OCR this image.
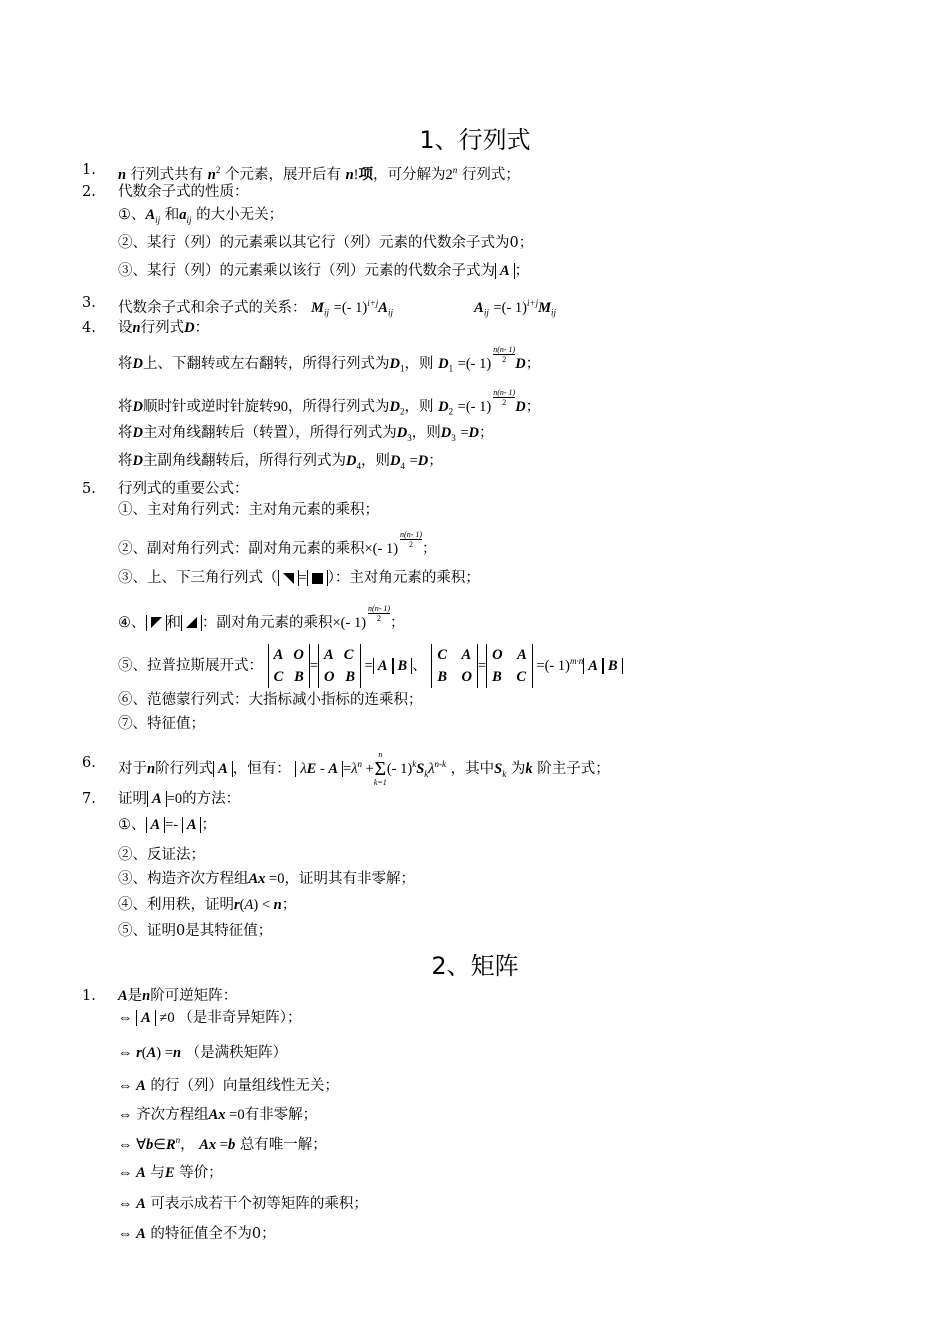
1、行列式
1. n 行列式共有 $n^2$ 个元素，展开后有 n!项，可分解为2$^n$ 行列式；
2. 代数余子式的性质：
①、$A_{ij}$ 和$a_{ij}$ 的大小无关；
②、某行（列）的元素乘以其它行（列）元素的代数余子式为0；
③、某行（列）的元素乘以该行（列）元素的代数余子式为 A ；
3. 代数余子式和余子式的关系： $M_{ij}$ =(- $1)^{i+j}A_{ij}$	$A_{ij}$ =(- $1)^{i+j}M_{ij}$
4. 设n行列式D：
将D上、下翻转或左右翻转，所得行列式为$D_1$，则 $D_1$ =(- $1) \frac{n(n- 1)}{2}$ D；
将D顺时针或逆时针旋转90，所得行列式为$D_2$，则 $D_2$ =(- $1) \frac{n(n- 1)}{2}$ D；
将D主对角线翻转后（转置），所得行列式为$D_3$，则$D_3 =D$；
将D主副角线翻转后，所得行列式为$D_4$，则$D_4 =D$；
5. 行列式的重要公式：
①、主对角行列式：主对角元素的乘积；
②、副对角行列式：副对角元素的乘积×(- $1) \frac{n(n- 1)}{2}$ ；
③、上、下三角行列式（ = ）：主对角元素的乘积；
④、 和 ：副对角元素的乘积×(- $1) \frac{n(n- 1)}{2}$ ；
⑤、拉普拉斯展开式：
A   O
C   B
=
A   C
O   B
= A B 、
C    A
B    O
=
O    A
B    C
=(- 1)$^{m\cdot n}$ A B
⑥、范德蒙行列式：大指标减小指标的连乘积；
⑦、特征值；
6. 对于n阶行列式 A ，恒有： $\lambda E - A =\lambda^n$ +
n
Σ
k=1
(- $1)^kS_k\lambda^{n-k}$ ，其中$S_k$ 为k 阶主子式；
7. 证明 A =0的方法：
①、 A =- A ；
②、反证法；
③、构造齐次方程组Ax =0，证明其有非零解；
④、利用秩，证明r(A) < n；
⑤、证明0是其特征值；
2、矩阵
1. A是n阶可逆矩阵：
⇔ A ≠0 （是非奇异矩阵）；
⇔ r(A) =n （是满秩矩阵）
⇔ A 的行（列）向量组线性无关；
⇔ 齐次方程组Ax =0有非零解；
⇔ $\forall b\in R^n$， Ax =b 总有唯一解；
⇔ A 与E 等价；
⇔ A 可表示成若干个初等矩阵的乘积；
⇔ A 的特征值全不为0；
